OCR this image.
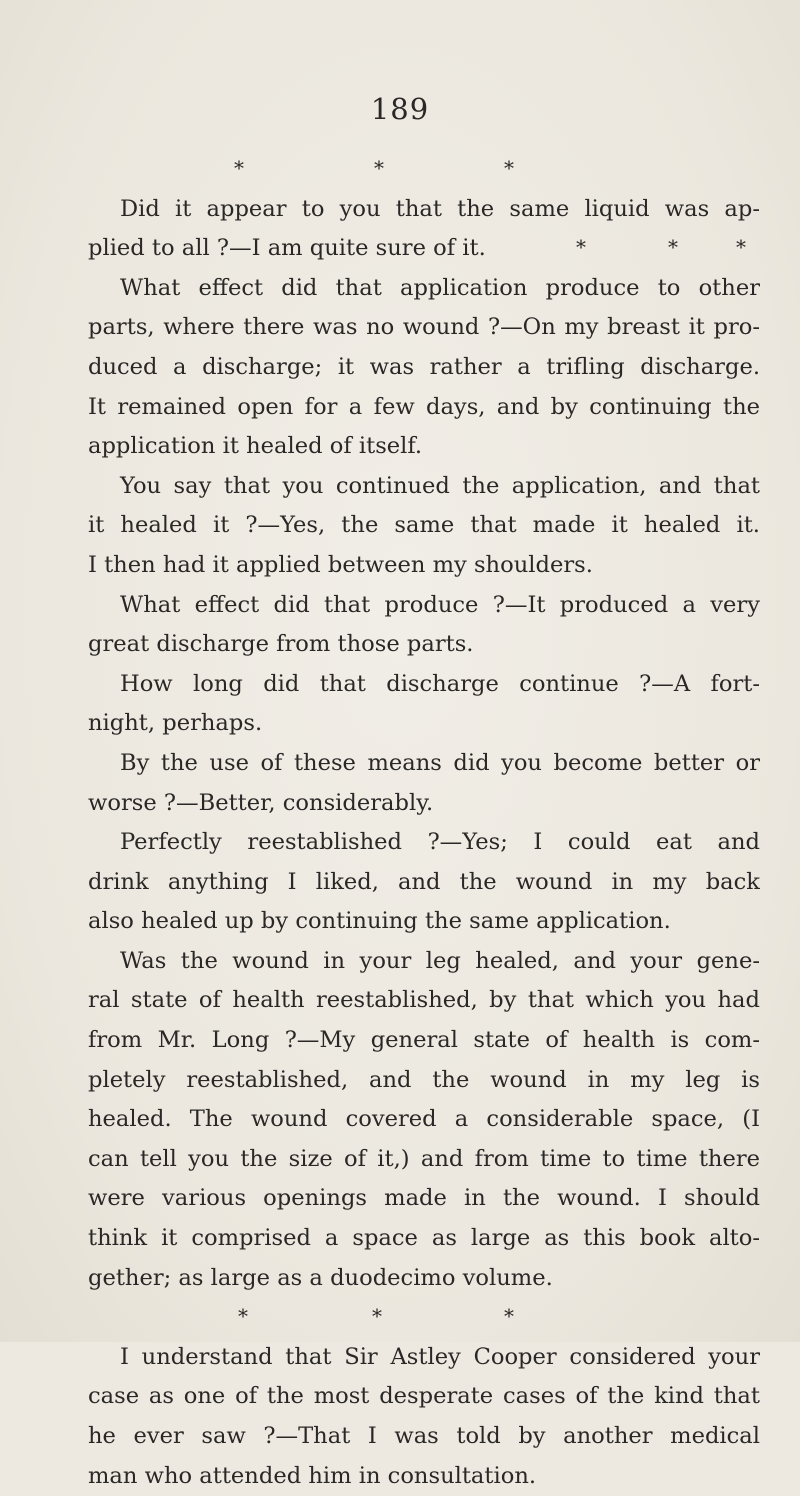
189
*	*	*
Did it appear to you that the same liquid was ap-
plied to all ?—I am quite sure of it.	*	*	*
What effect did that application produce to other
parts, where there was no wound ?—On my breast it pro-
duced a discharge; it was rather a trifling discharge.
It remained open for a few days, and by continuing the
application it healed of itself.
You say that you continued the application, and that
it healed it ?—Yes, the same that made it healed it.
I then had it applied between my shoulders.
What effect did that produce ?—It produced a very
great discharge from those parts.
How long did that discharge continue ?—A fort-
night, perhaps.
By the use of these means did you become better or
worse ?—Better, considerably.
Perfectly reestablished ?—Yes; I could eat and
drink anything I liked, and the wound in my back
also healed up by continuing the same application.
Was the wound in your leg healed, and your gene-
ral state of health reestablished, by that which you had
from Mr. Long ?—My general state of health is com-
pletely reestablished, and the wound in my leg is
healed. The wound covered a considerable space, (I
can tell you the size of it,) and from time to time there
were various openings made in the wound. I should
think it comprised a space as large as this book alto-
gether; as large as a duodecimo volume.
*	*	*
I understand that Sir Astley Cooper considered your
case as one of the most desperate cases of the kind that
he ever saw ?—That I was told by another medical
man who attended him in consultation.
